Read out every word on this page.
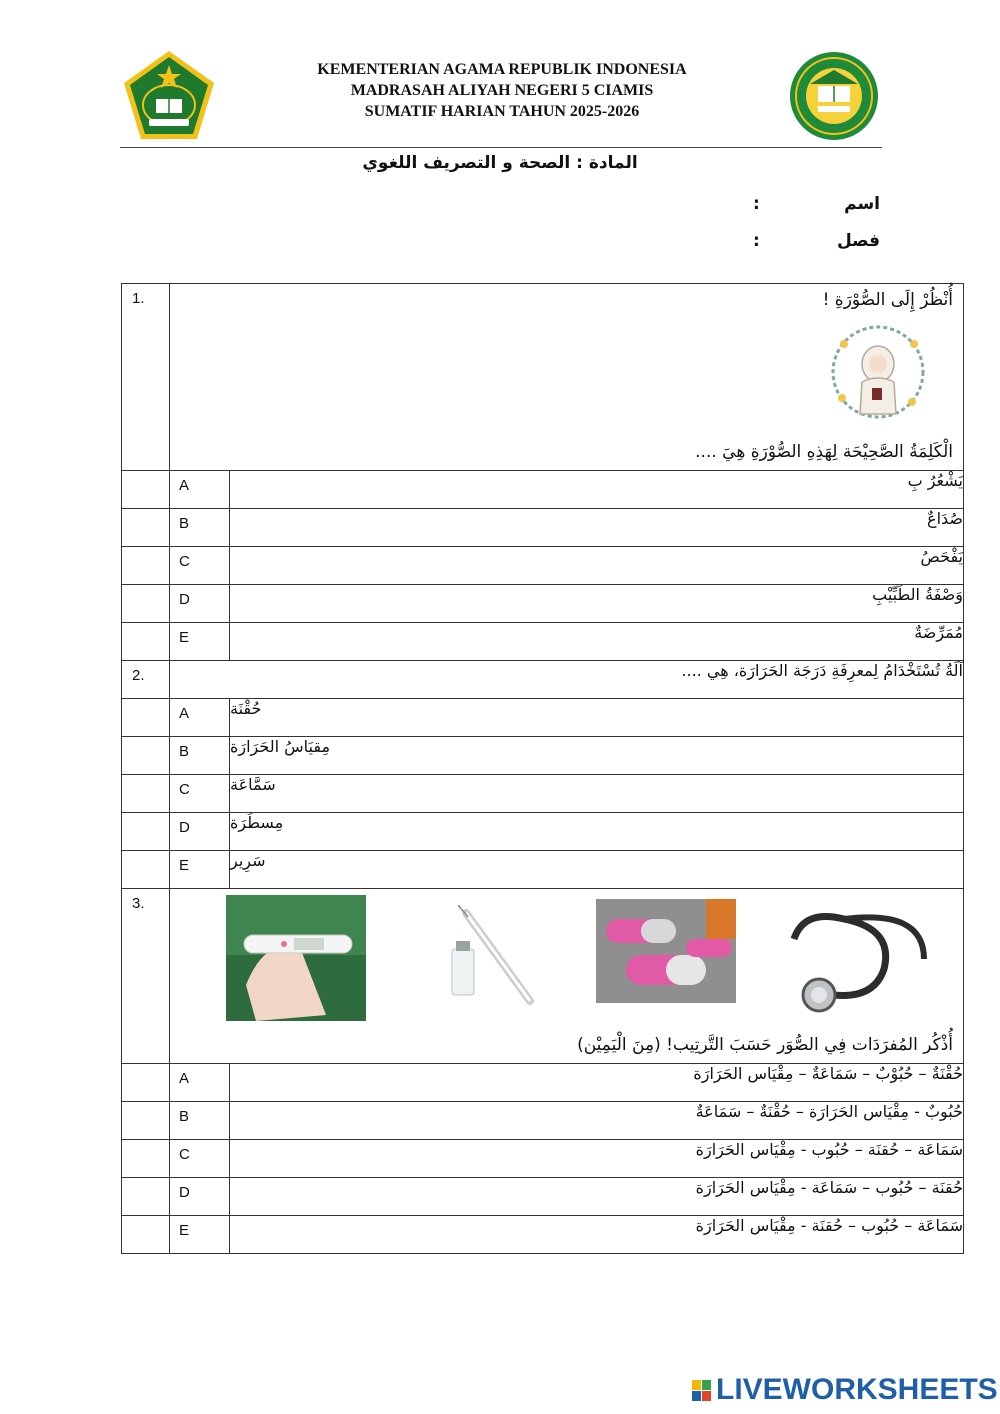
KEMENTERIAN AGAMA REPUBLIK INDONESIA
MADRASAH ALIYAH NEGERI 5 CIAMIS
SUMATIF HARIAN TAHUN 2025-2026
المادة : الصحة و التصريف اللغوي
اسم
:
فصل
:
1.	أُنْظُرْ إِلَى الصُّوْرَةِ !
الْكَلِمَةُ الصَّحِيْحَة لِهَذِهِ الصُّوْرَةِ هِيَ ....	

	A	يَشْعُرُ بِ
	B	صُدَاعٌ
	C	يَفْحَصُ
	D	وَصْفَةُ الطَبِّيْبِ
	E	مُمَرِّضَةٌ
2.	آلَةُ تُسْتَخْدَامُ لِمعرِفَةِ دَرَجَة الحَرَارَة، هِي ....	
	A	حُقْنَة
	B	مِقيَاسُ الحَرَارَة
	C	سَمَّاعَة
	D	مِسطَرَة
	E	سَرِير
3.	أُذْكُر المُفرَدَات فِي الصُّوَر حَسَبَ التَّرتِيب! (مِنَ الْيَمِيْن)	

	A	حُقْنَةٌ – حُبُوْبٌ – سَمَاعَةٌ – مِقْيَاس الحَرَارَة
	B	حُبُوبٌ - مِقْيَاس الحَرَارَة – حُقْنَةٌ – سَمَاعَةٌ
	C	سَمَاعَة – حُقنَة – حُبُوب - مِقْيَاس الحَرَارَة
	D	حُقنَة – حُبُوب – سَمَاعَة - مِقْيَاس الحَرَارَة
	E	سَمَاعَة – حُبُوب – حُقنَة - مِقْيَاس الحَرَارَة
LIVEWORKSHEETS
